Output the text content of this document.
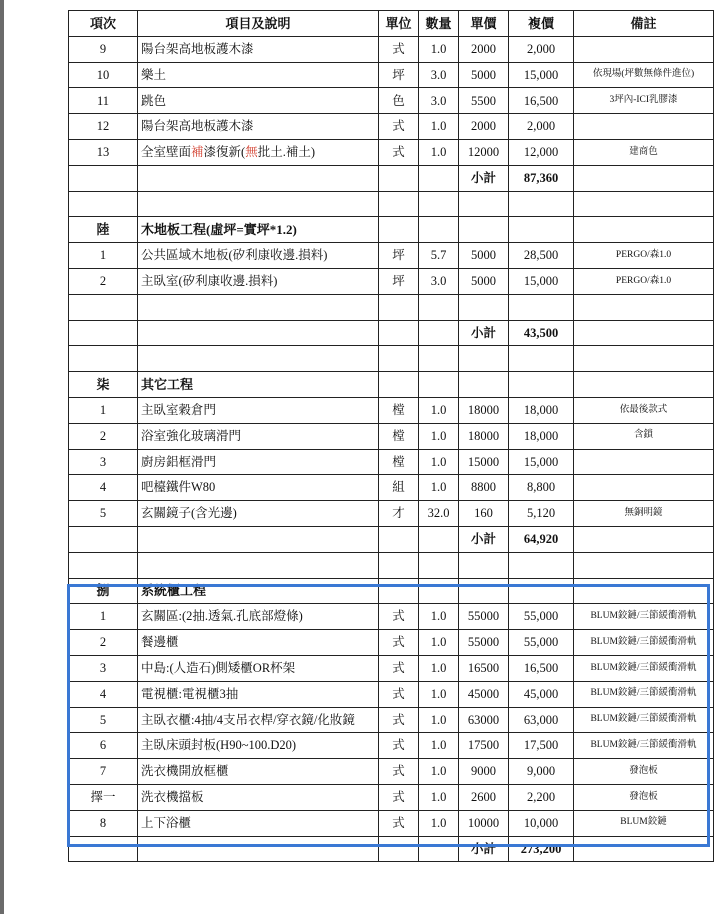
項次	項目及說明	單位	數量	單價	複價	備註
9	陽台架高地板護木漆	式	1.0	2000	2,000	
10	樂土	坪	3.0	5000	15,000	依現場(坪數無條件進位)
11	跳色	色	3.0	5500	16,500	3坪內-ICI乳膠漆
12	陽台架高地板護木漆	式	1.0	2000	2,000	
13	全室壁面補漆復新(無批土.補土)	式	1.0	12000	12,000	建商色
				小計	87,360	

陸	木地板工程(虛坪=實坪*1.2)					
1	公共區域木地板(矽利康收邊.損料)	坪	5.7	5000	28,500	PERGO/森1.0
2	主臥室(矽利康收邊.損料)	坪	3.0	5000	15,000	PERGO/森1.0

				小計	43,500	

柒	其它工程					
1	主臥室穀倉門	樘	1.0	18000	18,000	依最後款式
2	浴室強化玻璃滑門	樘	1.0	18000	18,000	含鎖
3	廚房鋁框滑門	樘	1.0	15000	15,000	
4	吧檯鐵件W80	組	1.0	8800	8,800	
5	玄關鏡子(含光邊)	才	32.0	160	5,120	無銅明鏡
				小計	64,920	

捌	系統櫃工程					
1	玄關區:(2抽.透氣.孔底部燈條)	式	1.0	55000	55,000	BLUM鉸鏈/三節緩衝滑軌
2	餐邊櫃	式	1.0	55000	55,000	BLUM鉸鏈/三節緩衝滑軌
3	中島:(人造石)側矮櫃OR杯架	式	1.0	16500	16,500	BLUM鉸鏈/三節緩衝滑軌
4	電視櫃:電視櫃3抽	式	1.0	45000	45,000	BLUM鉸鏈/三節緩衝滑軌
5	主臥衣櫃:4抽/4支吊衣桿/穿衣鏡/化妝鏡	式	1.0	63000	63,000	BLUM鉸鏈/三節緩衝滑軌
6	主臥床頭封板(H90~100.D20)	式	1.0	17500	17,500	BLUM鉸鏈/三節緩衝滑軌
7	洗衣機開放框櫃	式	1.0	9000	9,000	發泡板
擇一	洗衣機擋板	式	1.0	2600	2,200	發泡板
8	上下浴櫃	式	1.0	10000	10,000	BLUM鉸鏈
				小計	273,200	
